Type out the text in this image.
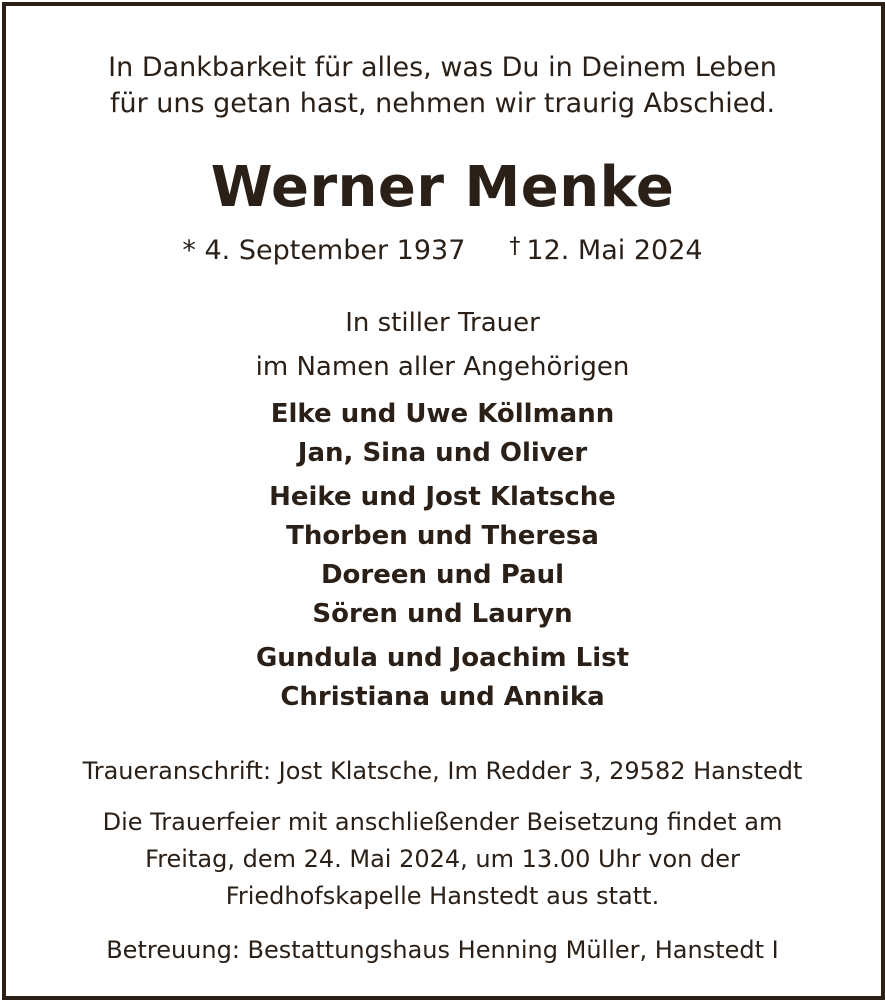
In Dankbarkeit für alles, was Du in Deinem Leben
für uns getan hast, nehmen wir traurig Abschied.
Werner Menke
* 4. September 1937 † 12. Mai 2024
In stiller Trauer
im Namen aller Angehörigen
Elke und Uwe Köllmann
Jan, Sina und Oliver
Heike und Jost Klatsche
Thorben und Theresa
Doreen und Paul
Sören und Lauryn
Gundula und Joachim List
Christiana und Annika
Traueranschrift: Jost Klatsche, Im Redder 3, 29582 Hanstedt
Die Trauerfeier mit anschließender Beisetzung findet am
Freitag, dem 24. Mai 2024, um 13.00 Uhr von der
Friedhofskapelle Hanstedt aus statt.
Betreuung: Bestattungshaus Henning Müller, Hanstedt I
